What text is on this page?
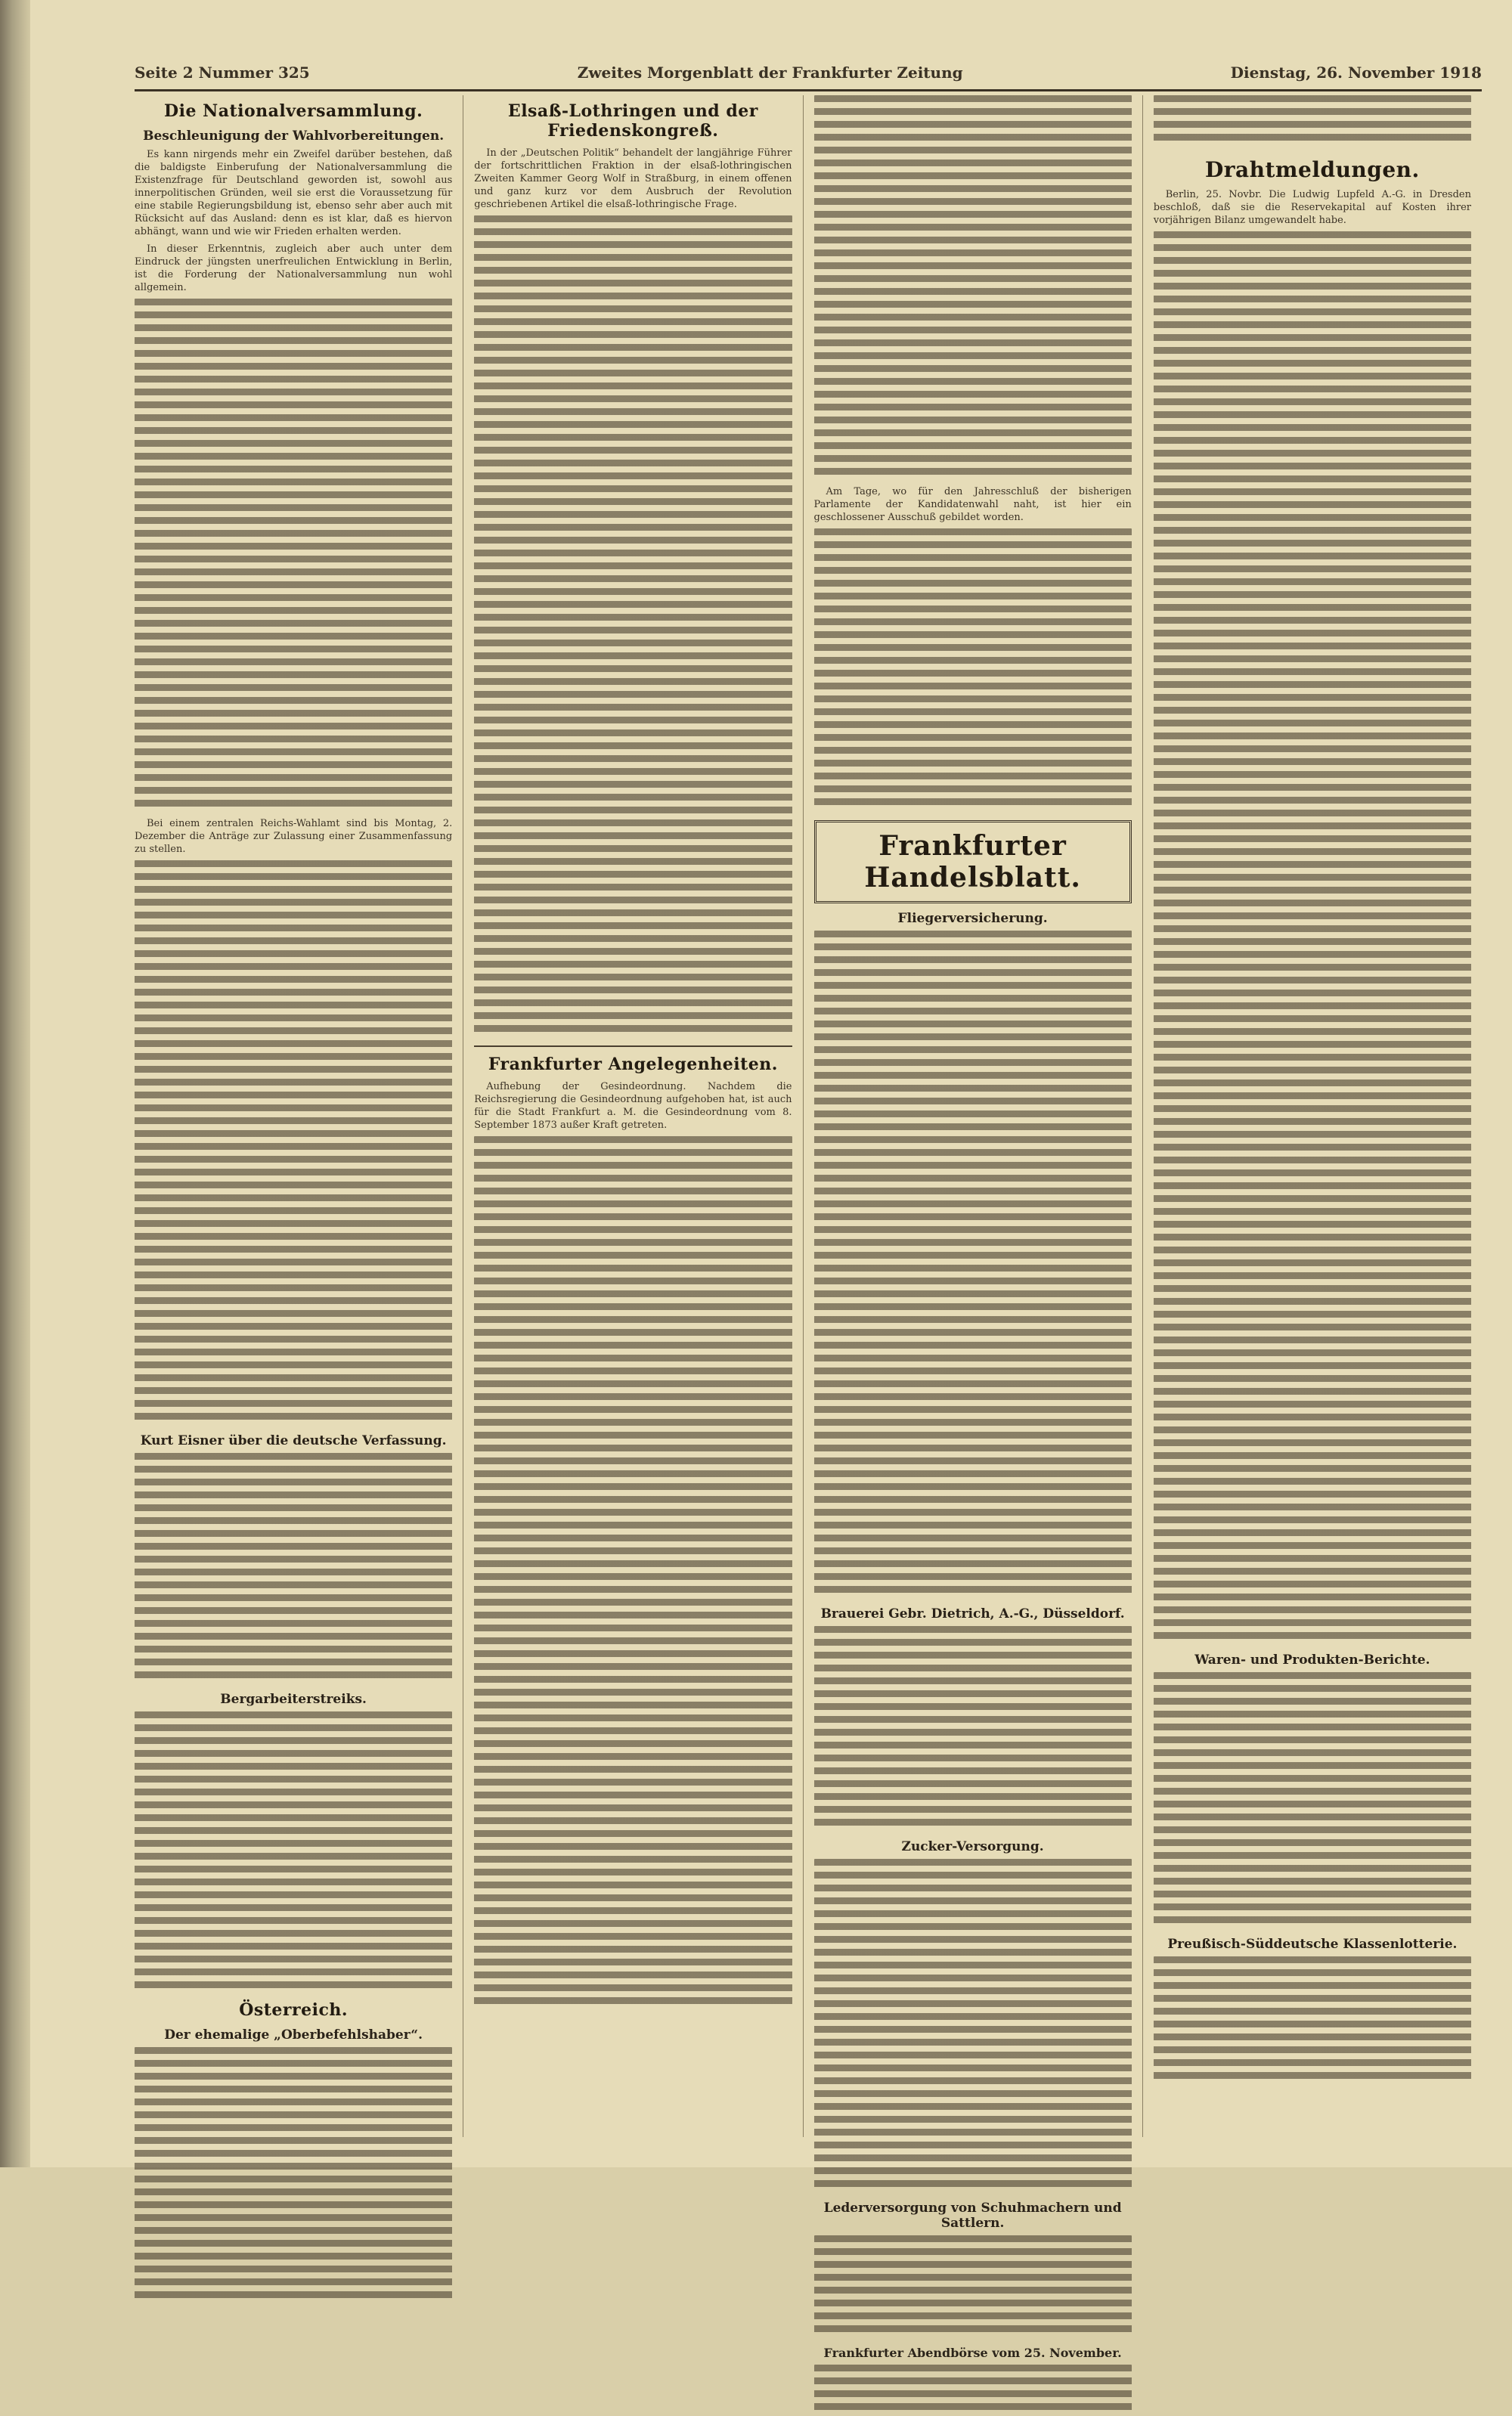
Seite 2 Nummer 325	Zweites Morgenblatt der Frankfurter Zeitung	Dienstag, 26. November 1918
Die Nationalversammlung.
Beschleunigung der Wahlvorbereitungen.

Es kann nirgends mehr ein Zweifel darüber bestehen, daß die baldigste Einberufung der Nationalversammlung die Existenzfrage für Deutschland geworden ist, sowohl aus innerpolitischen Gründen, weil sie erst die Voraussetzung für eine stabile Regierungsbildung ist, ebenso sehr aber auch mit Rücksicht auf das Ausland: denn es ist klar, daß es hiervon abhängt, wann und wie wir Frieden erhalten werden.

In dieser Erkenntnis, zugleich aber auch unter dem Eindruck der jüngsten unerfreulichen Entwicklung in Berlin, ist die Forderung der Nationalversammlung nun wohl allgemein.

Bei einem zentralen Reichs-Wahlamt sind bis Montag, 2. Dezember die Anträge zur Zulassung einer Zusammenfassung zu stellen.

Kurt Eisner über die deutsche Verfassung.
Bergarbeiterstreiks.
Österreich.
Der ehemalige „Oberbefehlshaber“.
Elsaß-Lothringen und der Friedenskongreß.

In der „Deutschen Politik“ behandelt der langjährige Führer der fortschrittlichen Fraktion in der elsaß-lothringischen Zweiten Kammer Georg Wolf in Straßburg, in einem offenen und ganz kurz vor dem Ausbruch der Revolution geschriebenen Artikel die elsaß-lothringische Frage.

Frankfurter Angelegenheiten.

Aufhebung der Gesindeordnung. Nachdem die Reichsregierung die Gesindeordnung aufgehoben hat, ist auch für die Stadt Frankfurt a. M. die Gesindeordnung vom 8. September 1873 außer Kraft getreten.

Am Tage, wo für den Jahresschluß der bisherigen Parlamente der Kandidatenwahl naht, ist hier ein geschlossener Ausschuß gebildet worden.

Frankfurter Handelsblatt.
Fliegerversicherung.
Brauerei Gebr. Dietrich, A.-G., Düsseldorf.
Zucker-Versorgung.
Lederversorgung von Schuhmachern und Sattlern.
Frankfurter Abendbörse vom 25. November.
Drahtmeldungen.

Berlin, 25. Novbr. Die Ludwig Lupfeld A.-G. in Dresden beschloß, daß sie die Reservekapital auf Kosten ihrer vorjährigen Bilanz umgewandelt habe.

Waren- und Produkten-Berichte.
Preußisch-Süddeutsche Klassenlotterie.
